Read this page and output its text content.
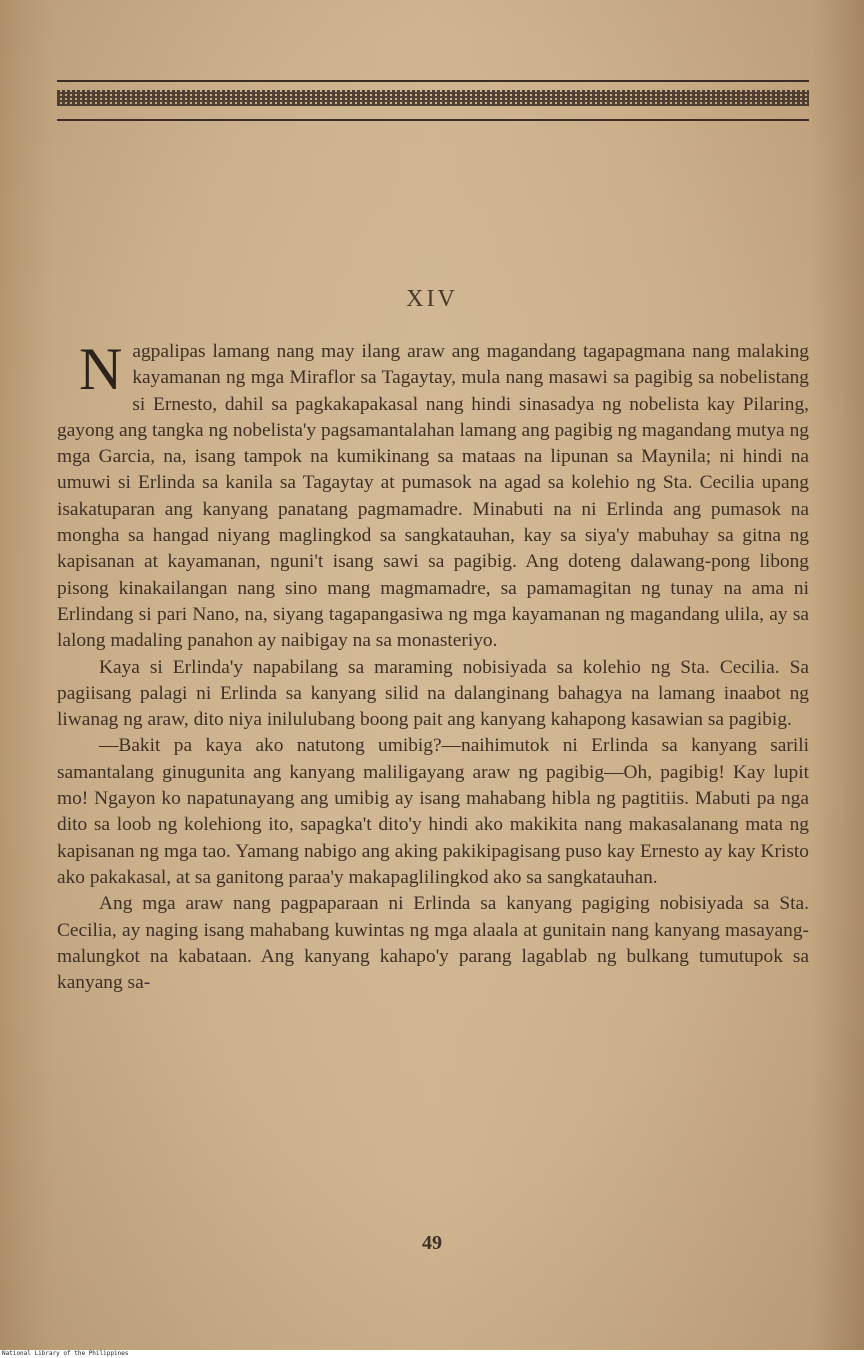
XIV

Nagpalipas lamang nang may ilang araw ang magandang tagapagmana nang malaking kayamanan ng mga Miraflor sa Tagaytay, mula nang masawi sa pagibig sa nobelistang si Ernesto, dahil sa pagkakapakasal nang hindi sinasadya ng nobelista kay Pilaring, gayong ang tangka ng nobelista'y pagsamantalahan lamang ang pagibig ng magandang mutya ng mga Garcia, na, isang tampok na kumikinang sa mataas na lipunan sa Maynila; ni hindi na umuwi si Erlinda sa kanila sa Tagaytay at pumasok na agad sa kolehio ng Sta. Cecilia upang isakatuparan ang kanyang panatang pagmamadre. Minabuti na ni Erlinda ang pumasok na mongha sa hangad niyang maglingkod sa sangkatauhan, kay sa siya'y mabuhay sa gitna ng kapisanan at kayamanan, nguni't isang sawi sa pagibig. Ang doteng dalawang-pong libong pisong kinakailangan nang sino mang magmamadre, sa pamamagitan ng tunay na ama ni Erlindang si pari Nano, na, siyang tagapangasiwa ng mga kayamanan ng magandang ulila, ay sa lalong madaling panahon ay naibigay na sa monasteriyo.

Kaya si Erlinda'y napabilang sa maraming nobisiyada sa kolehio ng Sta. Cecilia. Sa pagiisang palagi ni Erlinda sa kanyang silid na dalanginang bahagya na lamang inaabot ng liwanag ng araw, dito niya inilulubang boong pait ang kanyang kahapong kasawian sa pagibig.

—Bakit pa kaya ako natutong umibig?—naihimutok ni Erlinda sa kanyang sarili samantalang ginugunita ang kanyang maliligayang araw ng pagibig—Oh, pagibig! Kay lupit mo! Ngayon ko napatunayang ang umibig ay isang mahabang hibla ng pagtitiis. Mabuti pa nga dito sa loob ng kolehiong ito, sapagka't dito'y hindi ako makikita nang makasalanang mata ng kapisanan ng mga tao. Yamang nabigo ang aking pakikipagisang puso kay Ernesto ay kay Kristo ako pakakasal, at sa ganitong paraa'y makapaglilingkod ako sa sangkatauhan.

Ang mga araw nang pagpaparaan ni Erlinda sa kanyang pagiging nobisiyada sa Sta. Cecilia, ay naging isang mahabang kuwintas ng mga alaala at gunitain nang kanyang masayang-malungkot na kabataan. Ang kanyang kahapo'y parang lagablab ng bulkang tumutupok sa kanyang sa-

49
National Library of the Philippines
